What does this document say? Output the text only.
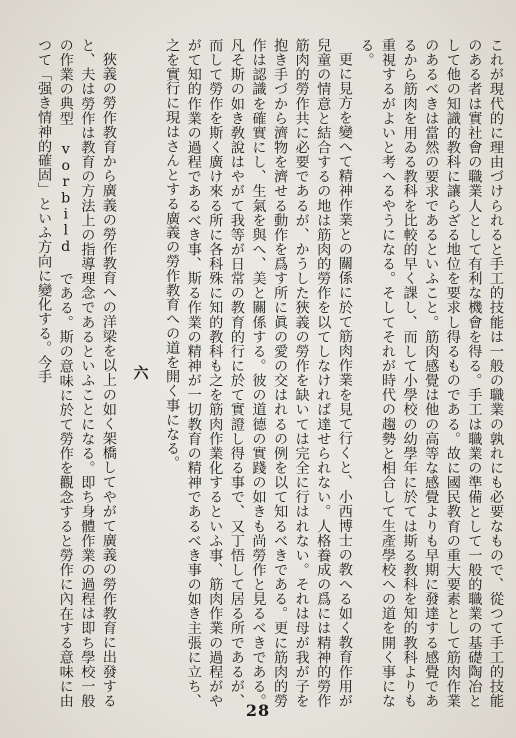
これが現代的に理由づけられると手工的技能は一般の職業の孰れにも必要なもので、從つて手工的技能のある者は實社會の職業人として有利な機會を得る。手工は職業の準備として一般的職業の基礎陶冶として他の知識的教科に讓らざる地位を要求し得るものである。故に國民教育の重大要素として筋肉作業のあるべきは當然の要求であるといふこと。筋肉感覺は他の高等な感覺よりも早期に發達する感覺であるから筋肉を用ゐる教科を比較的早く課し、而して小學校の幼學年に於ては斯る教科を知的教科よりも重視するがよいと考へるやうになる。そしてそれが時代の趨勢と相合して生產學校への道を開く事になる。

更に見方を變へて精神作業との關係に於て筋肉作業を見て行くと、小西博士の教へる如く教育作用が兒童の情意と結合するの地は筋肉的勞作を以てしなければ達せられない。人格養成の爲には精神的勞作筋肉的勞作共に必要であるが、かうした狹義の勞作を缺いては完全に行はれない。それは母が我が子を抱き手づから濟物を濟せる動作を爲す所に眞の愛の交はれるの例を以て知るべきである。更に筋肉的勞作は認識を確實にし、生氣を與へ、美と關係する。彼の道德の實踐の如きも尚勞作と見るべきである。凡そ斯の如き敎說はやがて我等が日常の教育的行に於て實證し得る事で、又丁悟して居る所であるが、而して勞作を斯く廣け來る所に各科殊に知的教科も之を筋肉作業化するといふ事、筋肉作業の過程がやがて知的作業の過程であるべき事、斯る作業の精神が一切教育の精神であるべき事の如き主張に立ち、之を實行に現はさんとする廣義の勞作教育への道を開く事になる。

六

狹義の勞作教育から廣義の勞作教育への洋梁を以上の如く架橋してやがて廣義の勞作教育に出發すると、夫は勞作は教育の方法上の指導理念であるといふことになる。即ち身體作業の過程は即ち學校一般の作業の典型 vorbild である。斯の意味に於て勞作を觀念すると勞作に內在する意味に由つて「强き情神的確固」といふ方向に變化する。今手

28
